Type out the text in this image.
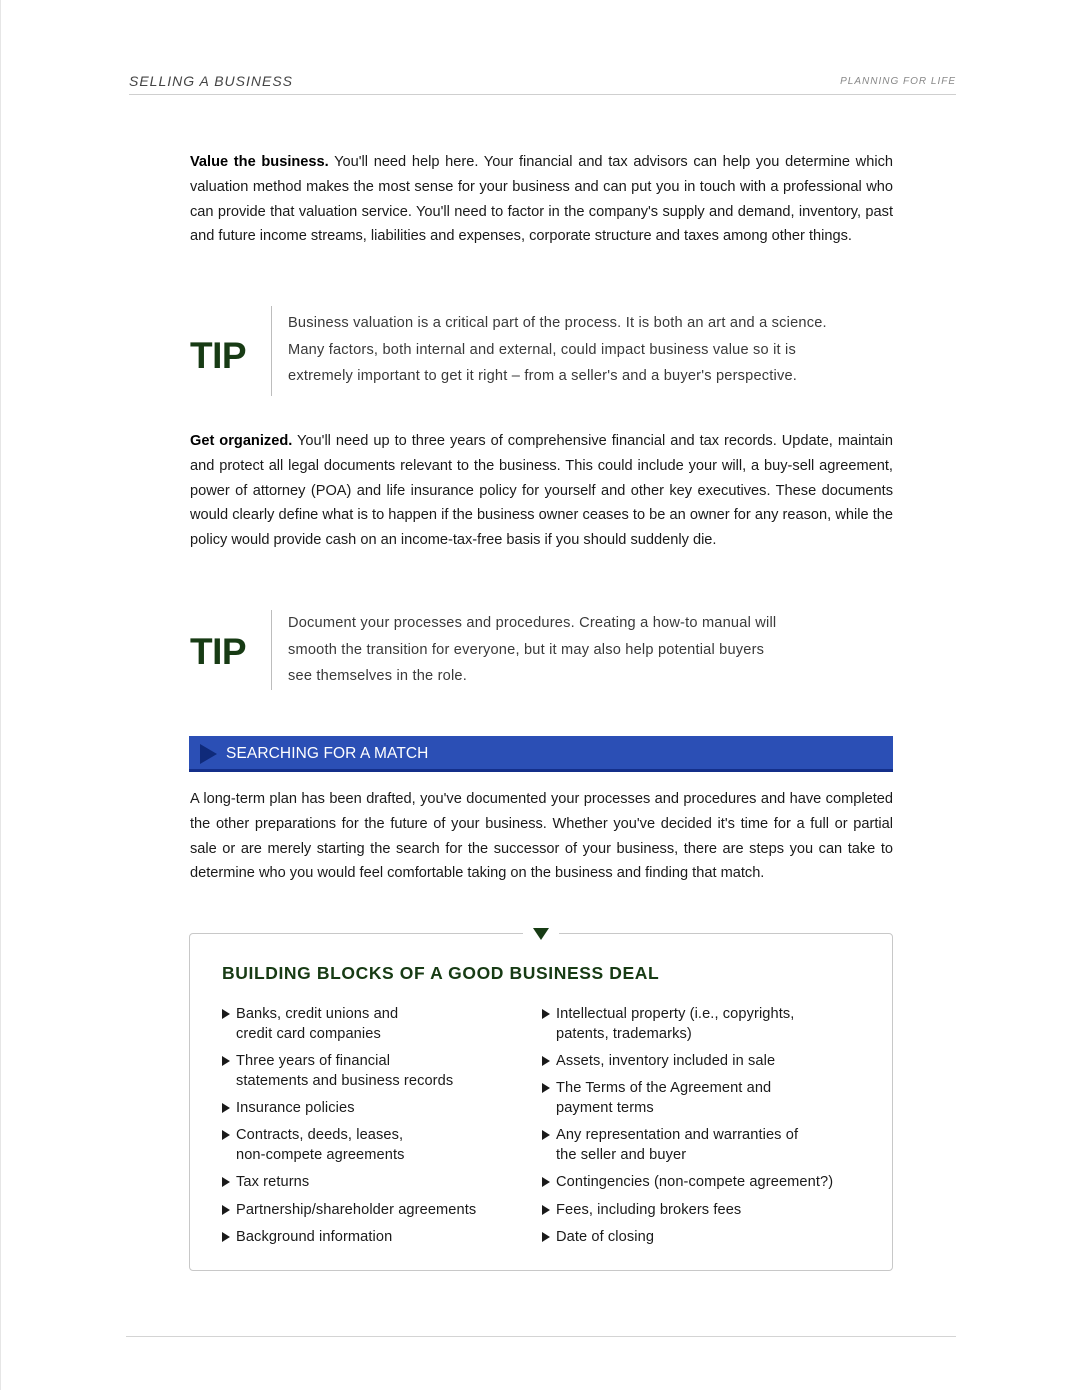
SELLING A BUSINESS	PLANNING FOR LIFE

Value the business. You'll need help here. Your financial and tax advisors can help you determine which valuation method makes the most sense for your business and can put you in touch with a professional who can provide that valuation service. You'll need to factor in the company's supply and demand, inventory, past and future income streams, liabilities and expenses, corporate structure and taxes among other things.

TIP

Business valuation is a critical part of the process. It is both an art and a science.
Many factors, both internal and external, could impact business value so it is
extremely important to get it right – from a seller's and a buyer's perspective.

Get organized. You'll need up to three years of comprehensive financial and tax records. Update, maintain and protect all legal documents relevant to the business. This could include your will, a buy-sell agreement, power of attorney (POA) and life insurance policy for yourself and other key executives. These documents would clearly define what is to happen if the business owner ceases to be an owner for any reason, while the policy would provide cash on an income-tax-free basis if you should suddenly die.

TIP

Document your processes and procedures. Creating a how-to manual will
smooth the transition for everyone, but it may also help potential buyers
see themselves in the role.

SEARCHING FOR A MATCH

A long-term plan has been drafted, you've documented your processes and procedures and have completed the other preparations for the future of your business. Whether you've decided it's time for a full or partial sale or are merely starting the search for the successor of your business, there are steps you can take to determine who you would feel comfortable taking on the business and finding that match.

BUILDING BLOCKS OF A GOOD BUSINESS DEAL
Banks, credit unions and
credit card companies
Three years of financial
statements and business records
Insurance policies
Contracts, deeds, leases,
non-compete agreements
Tax returns
Partnership/shareholder agreements
Background information
Intellectual property (i.e., copyrights,
patents, trademarks)
Assets, inventory included in sale
The Terms of the Agreement and
payment terms
Any representation and warranties of
the seller and buyer
Contingencies (non-compete agreement?)
Fees, including brokers fees
Date of closing
